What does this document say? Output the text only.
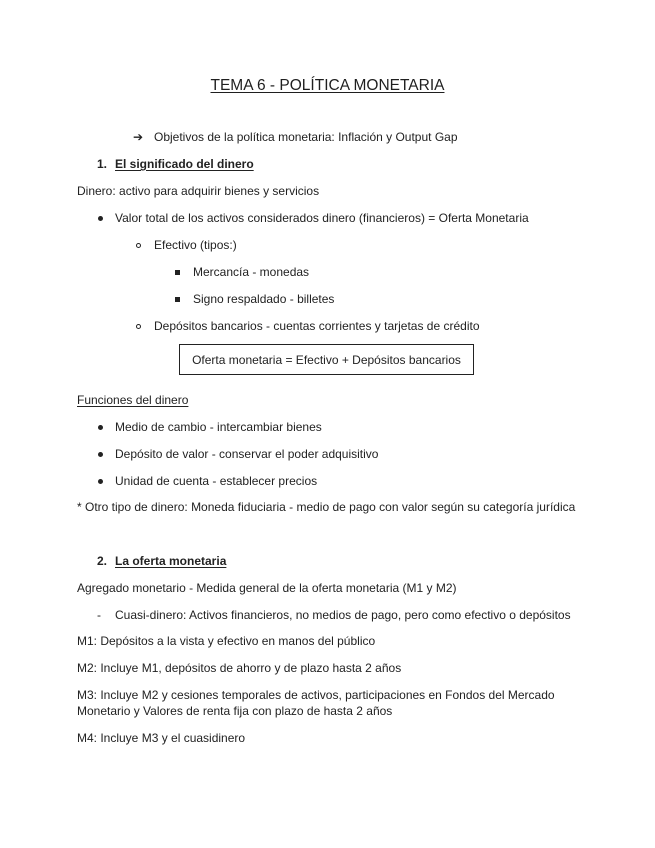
TEMA 6 - POLÍTICA MONETARIA
➔ Objetivos de la política monetaria: Inflación y Output Gap
1. El significado del dinero
Dinero: activo para adquirir bienes y servicios
Valor total de los activos considerados dinero (financieros) = Oferta Monetaria
Efectivo (tipos:)
Mercancía - monedas
Signo respaldado - billetes
Depósitos bancarios - cuentas corrientes y tarjetas de crédito
Oferta monetaria = Efectivo + Depósitos bancarios
Funciones del dinero
Medio de cambio - intercambiar bienes
Depósito de valor - conservar el poder adquisitivo
Unidad de cuenta - establecer precios
* Otro tipo de dinero: Moneda fiduciaria - medio de pago con valor según su categoría jurídica
2. La oferta monetaria
Agregado monetario - Medida general de la oferta monetaria (M1 y M2)
- Cuasi-dinero: Activos financieros, no medios de pago, pero como efectivo o depósitos
M1: Depósitos a la vista y efectivo en manos del público
M2: Incluye M1, depósitos de ahorro y de plazo hasta 2 años
M3: Incluye M2 y cesiones temporales de activos, participaciones en Fondos del Mercado
Monetario y Valores de renta fija con plazo de hasta 2 años
M4: Incluye M3 y el cuasidinero
